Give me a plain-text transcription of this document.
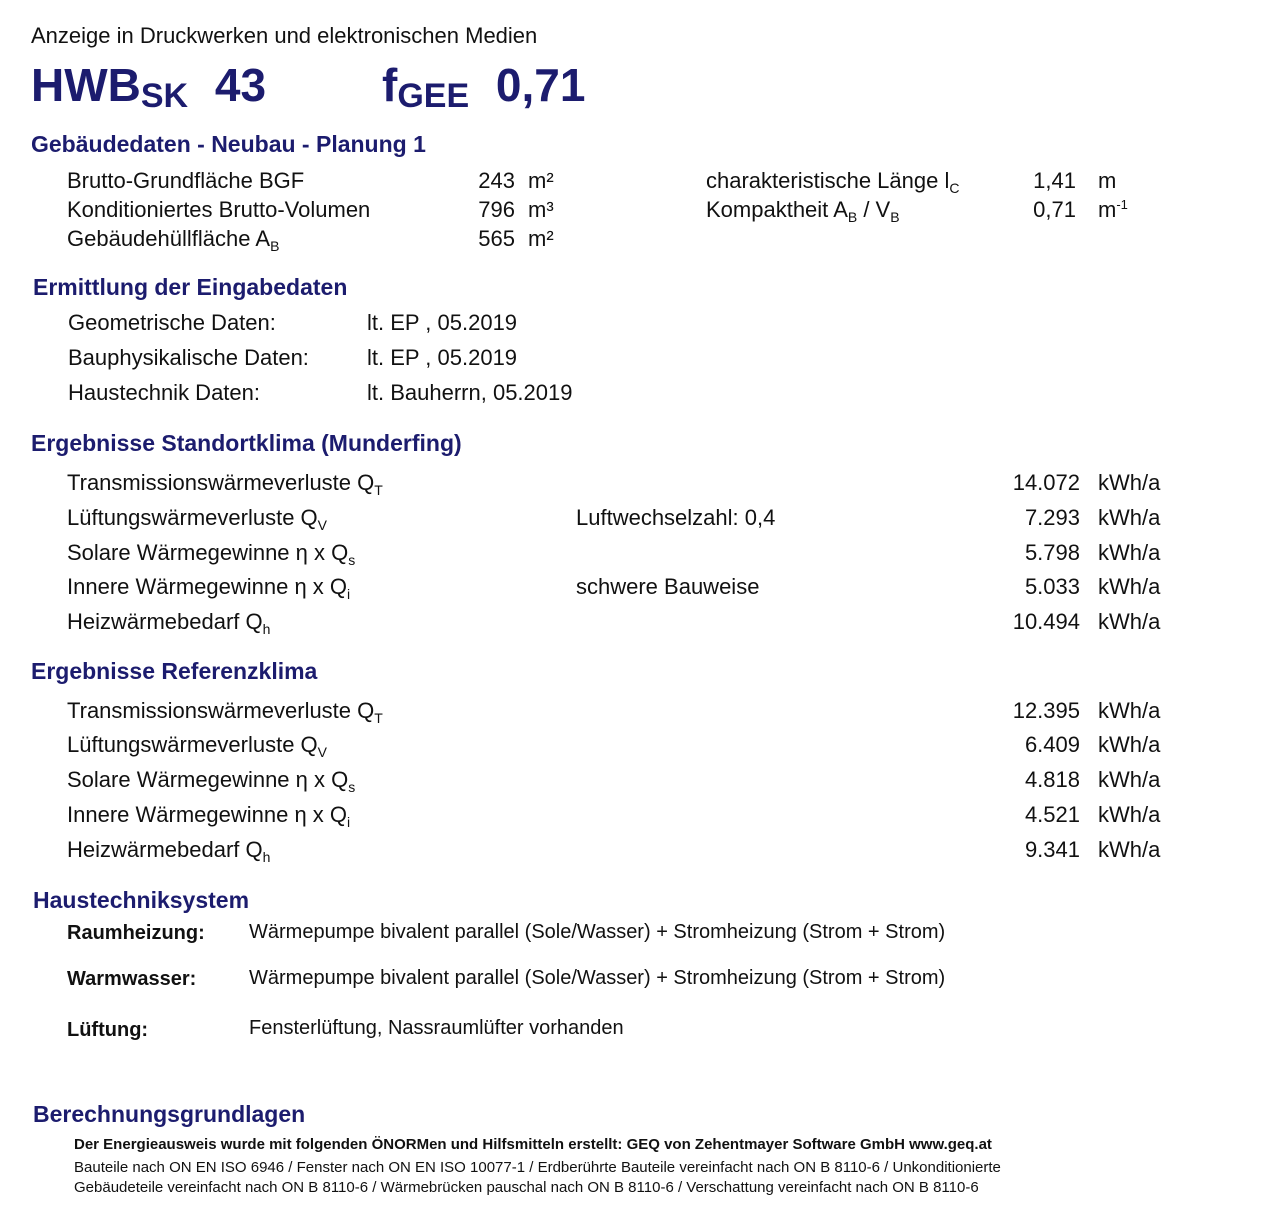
Anzeige in Druckwerken und elektronischen Medien
HWBSK 43	fGEE 0,71
Gebäudedaten - Neubau - Planung 1
Brutto-Grundfläche BGF	243 m²
Konditioniertes Brutto-Volumen	796 m³
Gebäudehüllfläche $A_B$	565 m²
charakteristische Länge $l_C$	1,41 m
Kompaktheit $A_B / V_B$	0,71 $m^{-1}$
Ermittlung der Eingabedaten
Geometrische Daten:	lt. EP , 05.2019
Bauphysikalische Daten:	lt. EP , 05.2019
Haustechnik Daten:	lt. Bauherrn, 05.2019
Ergebnisse Standortklima (Munderfing)
Transmissionswärmeverluste $Q_T$	14.072 kWh/a
Lüftungswärmeverluste $Q_V$	Luftwechselzahl: 0,4	7.293 kWh/a
Solare Wärmegewinne η x $Q_s$	5.798 kWh/a
Innere Wärmegewinne η x $Q_i$	schwere Bauweise	5.033 kWh/a
Heizwärmebedarf $Q_h$	10.494 kWh/a
Ergebnisse Referenzklima
Transmissionswärmeverluste $Q_T$	12.395 kWh/a
Lüftungswärmeverluste $Q_V$	6.409 kWh/a
Solare Wärmegewinne η x $Q_s$	4.818 kWh/a
Innere Wärmegewinne η x $Q_i$	4.521 kWh/a
Heizwärmebedarf $Q_h$	9.341 kWh/a
Haustechniksystem
Raumheizung: Wärmepumpe bivalent parallel (Sole/Wasser) + Stromheizung (Strom + Strom)
Warmwasser:	Wärmepumpe bivalent parallel (Sole/Wasser) + Stromheizung (Strom + Strom)
Lüftung:	Fensterlüftung, Nassraumlüfter vorhanden
Berechnungsgrundlagen
Der Energieausweis wurde mit folgenden ÖNORMen und Hilfsmitteln erstellt: GEQ von Zehentmayer Software GmbH www.geq.at
Bauteile nach ON EN ISO 6946 / Fenster nach ON EN ISO 10077-1 / Erdberührte Bauteile vereinfacht nach ON B 8110-6 / Unkonditionierte
Gebäudeteile vereinfacht nach ON B 8110-6 / Wärmebrücken pauschal nach ON B 8110-6 / Verschattung vereinfacht nach ON B 8110-6
